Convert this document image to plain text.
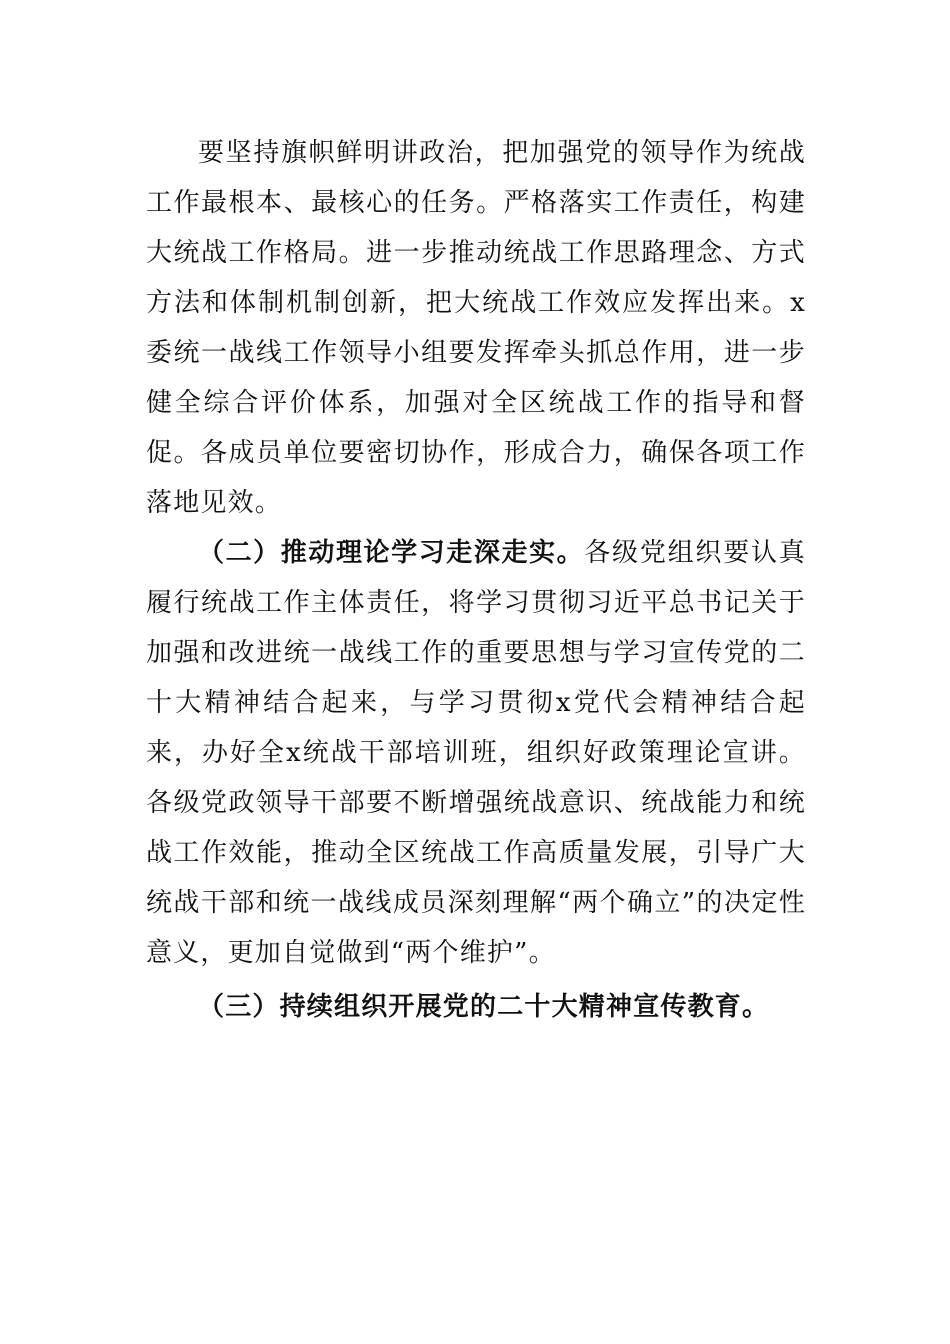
要坚持旗帜鲜明讲政治，把加强党的领导作为统战工作最根本、最核心的任务。严格落实工作责任，构建大统战工作格局。进一步推动统战工作思路理念、方式方法和体制机制创新，把大统战工作效应发挥出来。x委统一战线工作领导小组要发挥牵头抓总作用，进一步健全综合评价体系，加强对全区统战工作的指导和督促。各成员单位要密切协作，形成合力，确保各项工作落地见效。

（二）推动理论学习走深走实。各级党组织要认真履行统战工作主体责任，将学习贯彻习近平总书记关于加强和改进统一战线工作的重要思想与学习宣传党的二十大精神结合起来，与学习贯彻x党代会精神结合起来，办好全x统战干部培训班，组织好政策理论宣讲。各级党政领导干部要不断增强统战意识、统战能力和统战工作效能，推动全区统战工作高质量发展，引导广大统战干部和统一战线成员深刻理解“两个确立”的决定性意义，更加自觉做到“两个维护”。

（三）持续组织开展党的二十大精神宣传教育。
